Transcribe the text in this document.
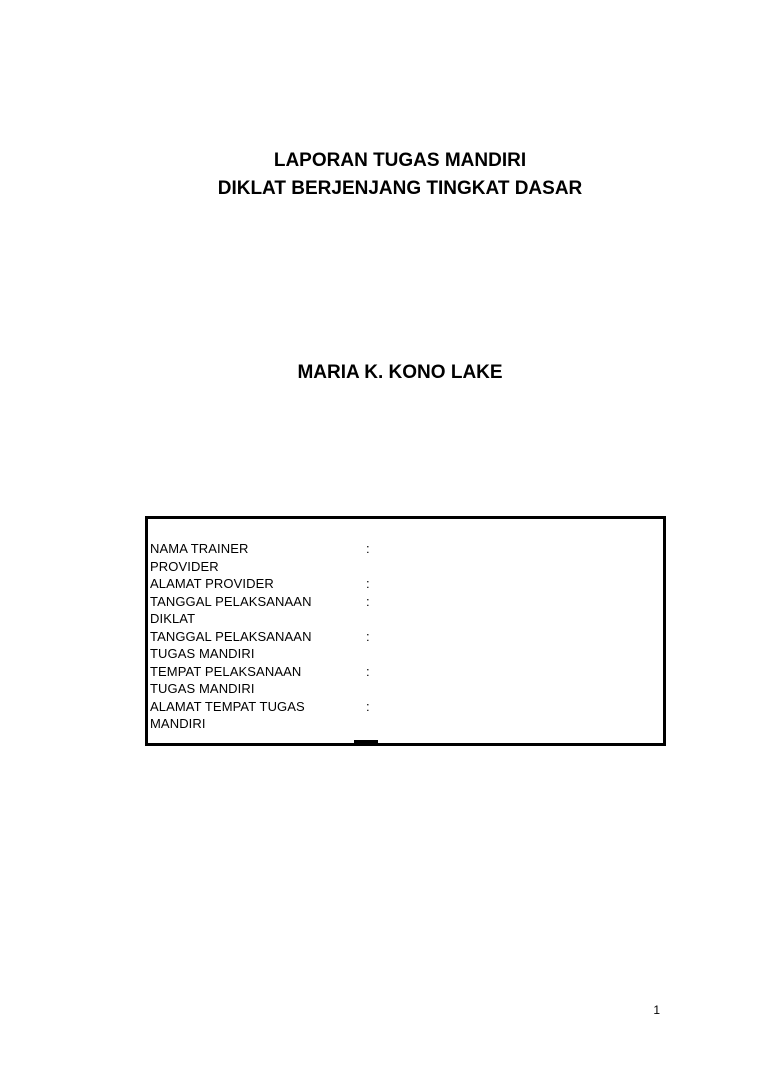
LAPORAN TUGAS MANDIRI
DIKLAT BERJENJANG TINGKAT DASAR
MARIA K. KONO LAKE
NAMA TRAINER
PROVIDER
:
ALAMAT PROVIDER	:
TANGGAL PELAKSANAAN
DIKLAT
:
TANGGAL PELAKSANAAN
TUGAS MANDIRI
:
TEMPAT PELAKSANAAN
TUGAS MANDIRI
:
ALAMAT TEMPAT TUGAS
MANDIRI
:
1
